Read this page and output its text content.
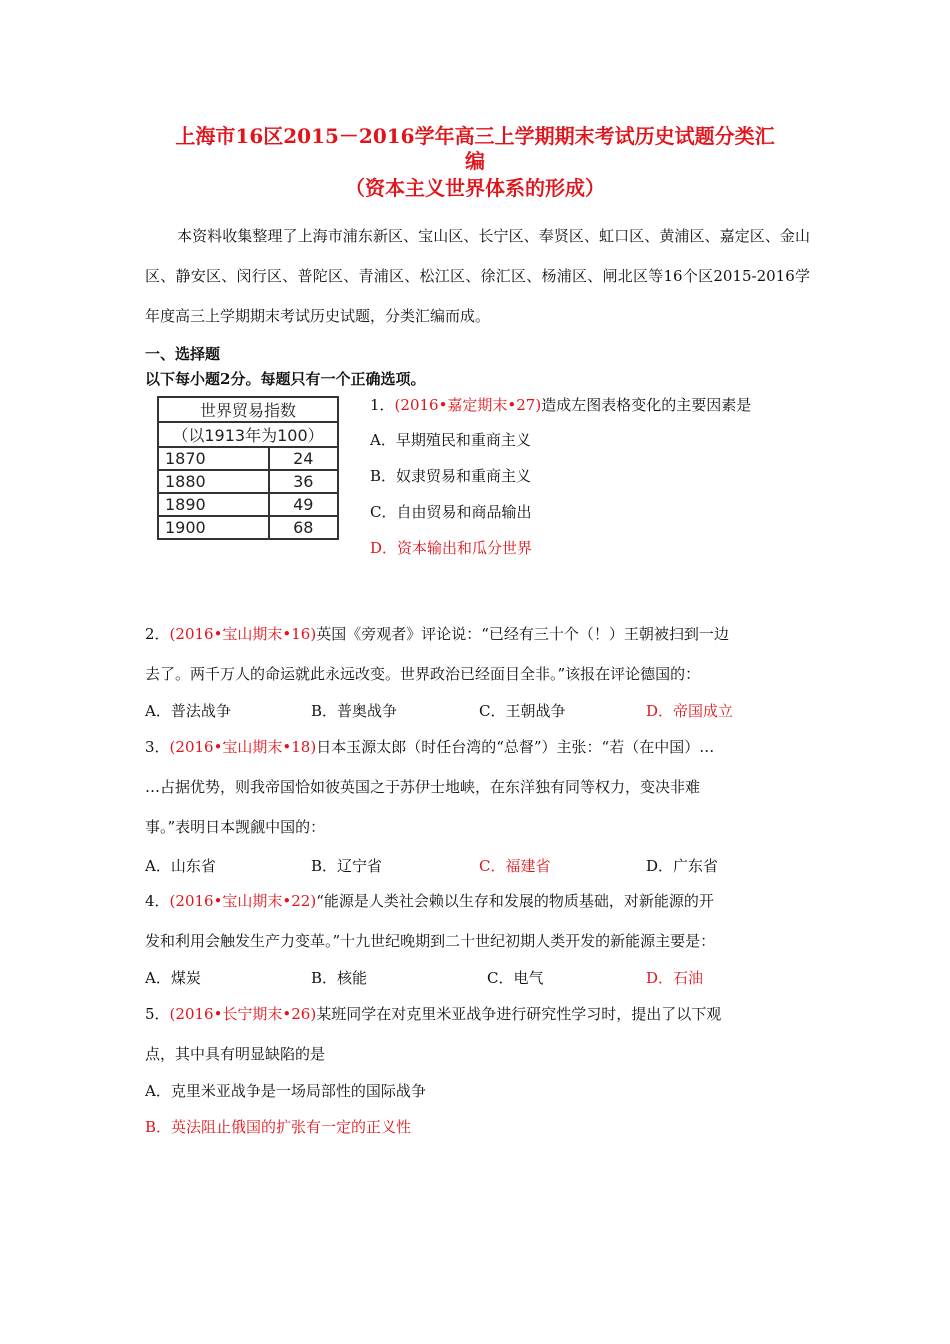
上海市16区2015－2016学年高三上学期期末考试历史试题分类汇
编
（资本主义世界体系的形成）
本资料收集整理了上海市浦东新区、宝山区、长宁区、奉贤区、虹口区、黄浦区、嘉定区、金山区、静安区、闵行区、普陀区、青浦区、松江区、徐汇区、杨浦区、闸北区等16个区2015-2016学年度高三上学期期末考试历史试题，分类汇编而成。
一、选择题
以下每小题2分。每题只有一个正确选项。
世界贸易指数	
（以1913年为100）	
1870	24
1880	36
1890	49
1900	68
1．(2016•嘉定期末•27)造成左图表格变化的主要因素是
A．早期殖民和重商主义
B．奴隶贸易和重商主义
C．自由贸易和商品输出
D．资本输出和瓜分世界
2．(2016•宝山期末•16)英国《旁观者》评论说：“已经有三十个（！）王朝被扫到一边
去了。两千万人的命运就此永远改变。世界政治已经面目全非。”该报在评论德国的：
A．普法战争	B．普奥战争	C．王朝战争	D．帝国成立
3．(2016•宝山期末•18)日本玉源太郎（时任台湾的“总督”）主张：“若（在中国）…
…占据优势，则我帝国恰如彼英国之于苏伊士地峡，在东洋独有同等权力，变决非难
事。”表明日本觊觎中国的：
A．山东省	B．辽宁省	C．福建省	D．广东省
4．(2016•宝山期末•22)“能源是人类社会赖以生存和发展的物质基础，对新能源的开
发和利用会触发生产力变革。”十九世纪晚期到二十世纪初期人类开发的新能源主要是：
A．煤炭	B．核能	C．电气	D．石油
5．(2016•长宁期末•26)某班同学在对克里米亚战争进行研究性学习时，提出了以下观
点，其中具有明显缺陷的是
A．克里米亚战争是一场局部性的国际战争
B．英法阻止俄国的扩张有一定的正义性
